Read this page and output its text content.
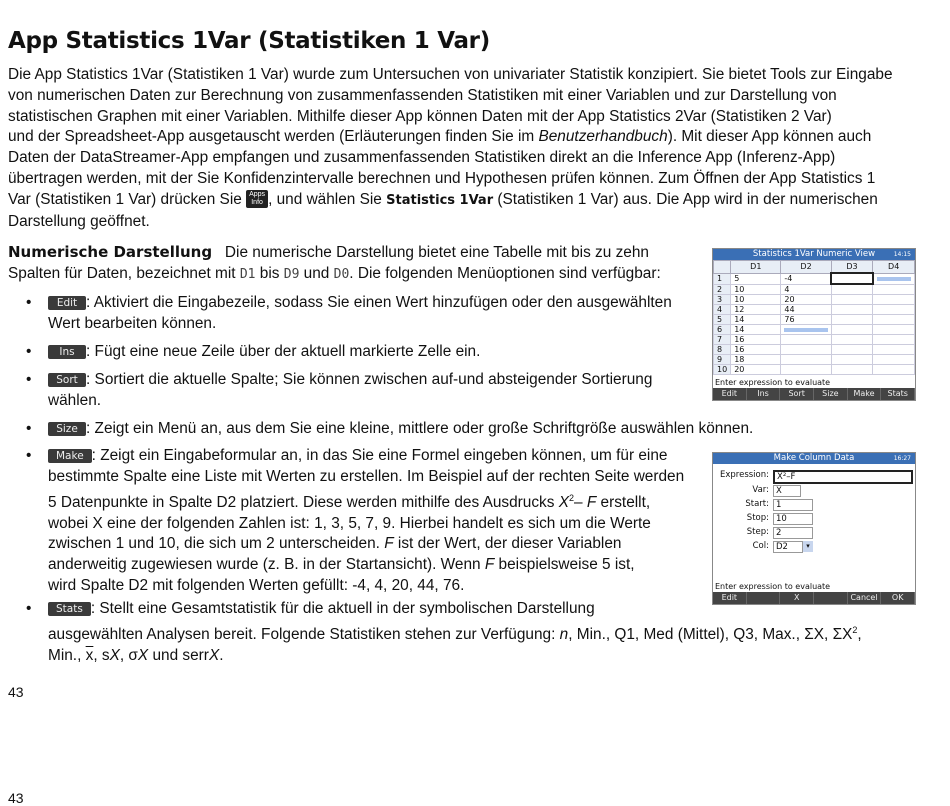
App Statistics 1Var (Statistiken 1 Var)
Die App Statistics 1Var (Statistiken 1 Var) wurde zum Untersuchen von univariater Statistik konzipiert. Sie bietet Tools zur Eingabe
von numerischen Daten zur Berechnung von zusammenfassenden Statistiken mit einer Variablen und zur Darstellung von
statistischen Graphen mit einer Variablen. Mithilfe dieser App können Daten mit der App Statistics 2Var (Statistiken 2 Var)
und der Spreadsheet-App ausgetauscht werden (Erläuterungen finden Sie im Benutzerhandbuch). Mit dieser App können auch
Daten der DataStreamer-App empfangen und zusammenfassenden Statistiken direkt an die Inference App (Inferenz-App)
übertragen werden, mit der Sie Konfidenzintervalle berechnen und Hypothesen prüfen können. Zum Öffnen der App Statistics 1
Var (Statistiken 1 Var) drücken Sie Apps
Info , und wählen Sie Statistics 1Var (Statistiken 1 Var) aus. Die App wird in der numerischen
Darstellung geöffnet.
Numerische Darstellung Die numerische Darstellung bietet eine Tabelle mit bis zu zehn
Spalten für Daten, bezeichnet mit D1 bis D9 und D0. Die folgenden Menüoptionen sind verfügbar:
•	Edit : Aktiviert die Eingabezeile, sodass Sie einen Wert hinzufügen oder den ausgewählten
Wert bearbeiten können.
•	Ins : Fügt eine neue Zeile über der aktuell markierte Zelle ein.
•	Sort : Sortiert die aktuelle Spalte; Sie können zwischen auf-und absteigender Sortierung
wählen.
•	Size : Zeigt ein Menü an, aus dem Sie eine kleine, mittlere oder große Schriftgröße auswählen können.
•	Make : Zeigt ein Eingabeformular an, in das Sie eine Formel eingeben können, um für eine
bestimmte Spalte eine Liste mit Werten zu erstellen. Im Beispiel auf der rechten Seite werden
5 Datenpunkte in Spalte D2 platziert. Diese werden mithilfe des Ausdrucks $X^2-$ F erstellt,
wobei X eine der folgenden Zahlen ist: 1, 3, 5, 7, 9. Hierbei handelt es sich um die Werte
zwischen 1 und 10, die sich um 2 unterscheiden. F ist der Wert, der dieser Variablen
anderweitig zugewiesen wurde (z. B. in der Startansicht). Wenn F beispielsweise 5 ist,
wird Spalte D2 mit folgenden Werten gefüllt: -4, 4, 20, 44, 76.
•	Stats : Stellt eine Gesamtstatistik für die aktuell in der symbolischen Darstellung
ausgewählten Analysen bereit. Folgende Statistiken stehen zur Verfügung: n, Min., Q1, Med (Mittel), Q3, Max., ΣX, $\Sigma X^2$,
Min., $\overline{x}$, sX, σX und serrX.
43
43
Statistics 1Var Numeric View	14:15
	D1	D2	D3	D4
1	5	-4		

2	10	4		
3	10	20		
4	12	44		
5	14	76		
6	14	

7	16			
8	16			
9	18			
10	20			
Enter expression to evaluate
Edit	Ins	Sort	Size	Make	Stats
Make Column Data	16:27
Expression: X²–F
Var: X
Start: 1
Stop: 10
Step: 2
Col: D2	▾
Enter expression to evaluate
Edit	X	Cancel	OK
